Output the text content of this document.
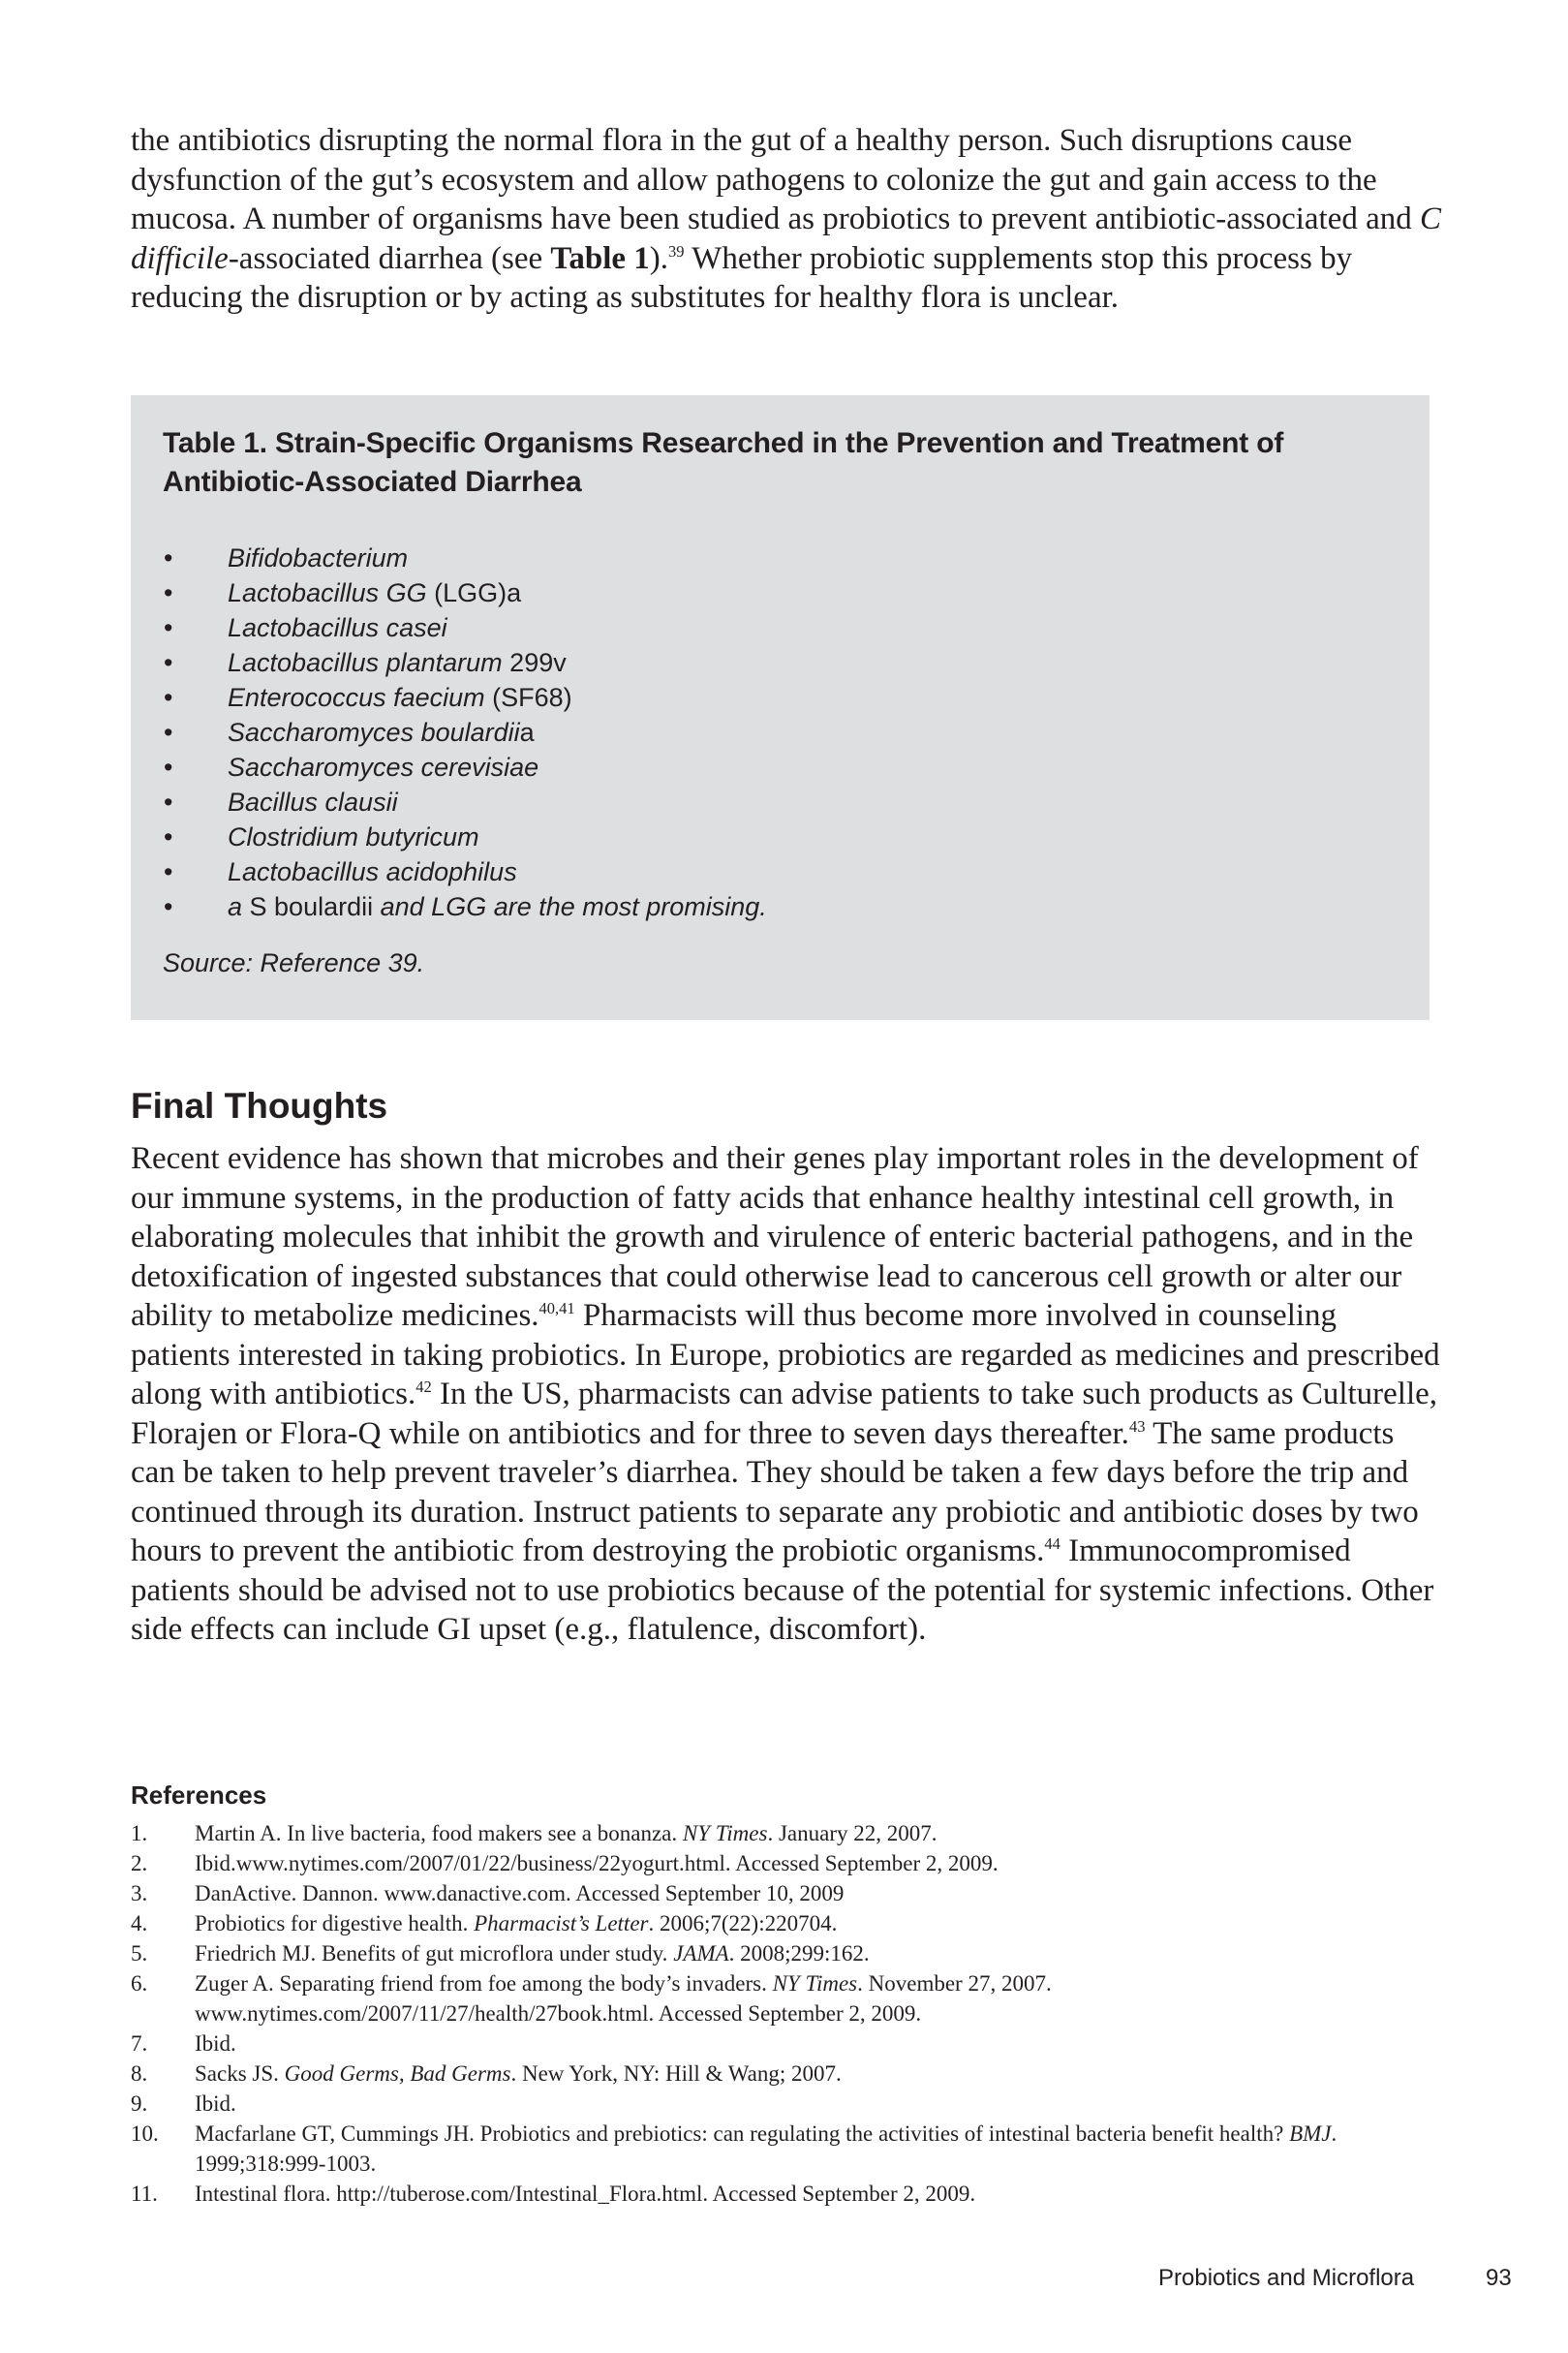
the antibiotics disrupting the normal flora in the gut of a healthy person. Such disruptions cause dysfunction of the gut’s ecosystem and allow pathogens to colonize the gut and gain access to the mucosa. A number of organisms have been studied as probiotics to prevent antibiotic-associated and C difficile-associated diarrhea (see Table 1).$^{39}$ Whether probiotic supplements stop this process by reducing the disruption or by acting as substitutes for healthy flora is unclear.

Table 1. Strain-Specific Organisms Researched in the Prevention and Treatment of Antibiotic-Associated Diarrhea

• Bifidobacterium
• Lactobacillus GG (LGG)a
• Lactobacillus casei
• Lactobacillus plantarum 299v
• Enterococcus faecium (SF68)
• Saccharomyces boulardiia
• Saccharomyces cerevisiae
• Bacillus clausii
• Clostridium butyricum
• Lactobacillus acidophilus
• a S boulardii and LGG are the most promising.

Source: Reference 39.

Final Thoughts

Recent evidence has shown that microbes and their genes play important roles in the development of our immune systems, in the production of fatty acids that enhance healthy intestinal cell growth, in elaborating molecules that inhibit the growth and virulence of enteric bacterial pathogens, and in the detoxification of ingested substances that could otherwise lead to cancerous cell growth or alter our ability to metabolize medicines.$^{40,41}$ Pharmacists will thus become more involved in counseling patients interested in taking probiotics. In Europe, probiotics are regarded as medicines and prescribed along with antibiotics.$^{42}$ In the US, pharmacists can advise patients to take such products as Culturelle, Florajen or Flora-Q while on antibiotics and for three to seven days thereafter.$^{43}$ The same products can be taken to help prevent traveler’s diarrhea. They should be taken a few days before the trip and continued through its duration. Instruct patients to separate any probiotic and antibiotic doses by two hours to prevent the antibiotic from destroying the probiotic organisms.$^{44}$ Immunocompromised patients should be advised not to use probiotics because of the potential for systemic infections. Other side effects can include GI upset (e.g., flatulence, discomfort).

References
1. Martin A. In live bacteria, food makers see a bonanza. NY Times. January 22, 2007.
2. Ibid.www.nytimes.com/2007/01/22/business/22yogurt.html. Accessed September 2, 2009.
3. DanActive. Dannon. www.danactive.com. Accessed September 10, 2009
4. Probiotics for digestive health. Pharmacist’s Letter. 2006;7(22):220704.
5. Friedrich MJ. Benefits of gut microflora under study. JAMA. 2008;299:162.
6. Zuger A. Separating friend from foe among the body’s invaders. NY Times. November 27, 2007. www.nytimes.com/2007/11/27/health/27book.html. Accessed September 2, 2009.
7. Ibid.
8. Sacks JS. Good Germs, Bad Germs. New York, NY: Hill & Wang; 2007.
9. Ibid.
10. Macfarlane GT, Cummings JH. Probiotics and prebiotics: can regulating the activities of intestinal bacteria benefit health? BMJ. 1999;318:999-1003.
11. Intestinal flora. http://tuberose.com/Intestinal_Flora.html. Accessed September 2, 2009.
Probiotics and Microflora	93
